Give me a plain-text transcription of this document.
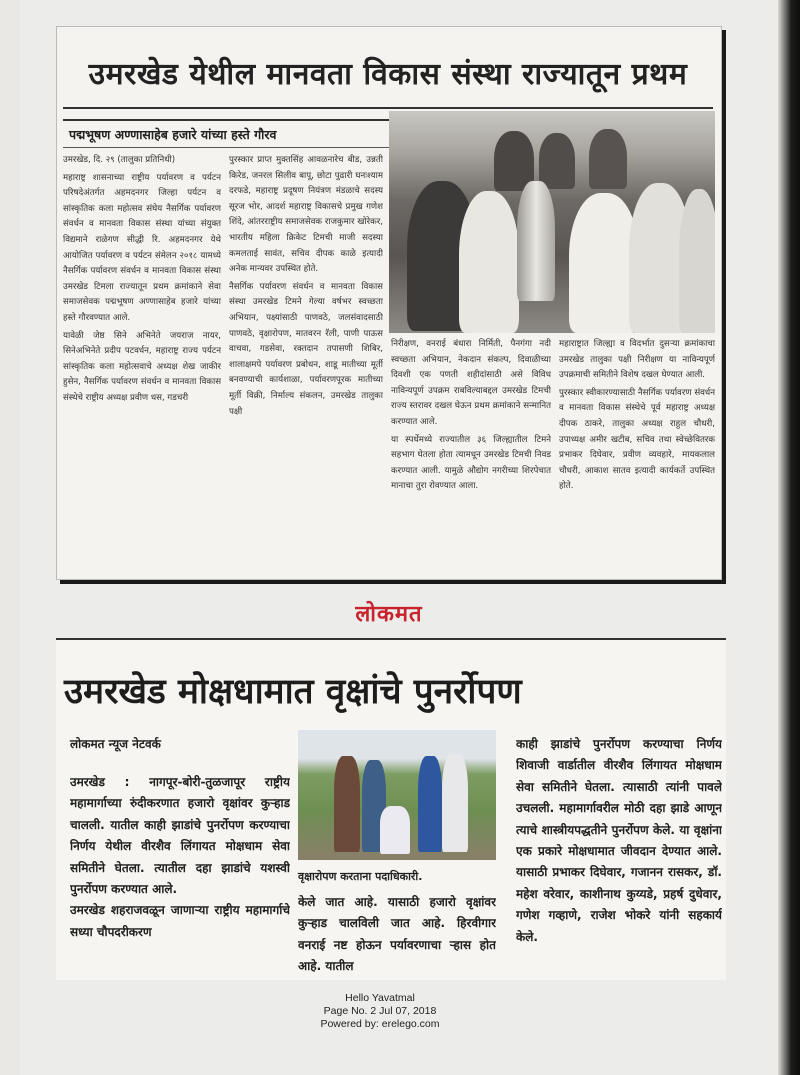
उमरखेड येथील मानवता विकास संस्था राज्यातून प्रथम
पद्मभूषण अण्णासाहेब हजारे यांच्या हस्ते गौरव

उमरखेड, दि. २९ (तालुका प्रतिनिधी)

महाराष्ट्र शासनाच्या राष्ट्रीय पर्यावरण व पर्यटन परिषदेअंतर्गत अहमदनगर जिल्हा पर्यटन व सांस्कृतिक कला महोत्सव संघेय नैसर्गिक पर्यावरण संवर्धन व मानवता विकास संस्था यांच्या संयुक्त विद्यमाने राळेगण सीद्धी रि. अहमदनगर येथे आयोजित पर्यावरण व पर्यटन संमेलन २०१८ यामध्ये नैसर्गिक पर्यावरण संवर्धन व मानवता विकास संस्था उमरखेड टिमला राज्यातून प्रथम क्रमांकाने सेवा समाजसेवक पद्मभूषण अण्णासाहेब हजारे यांच्या हस्ते गौरवण्यात आले.

यावेळी जेष्ठ सिने अभिनेते जयराज नायर, सिनेअभिनेते प्रदीप पटवर्धन, महाराष्ट्र राज्य पर्यटन सांस्कृतिक कला महोत्सवाचे अध्यक्ष शेख जाकीर हुसेन, नैसर्गिक पर्यावरण संवर्धन व मानवता विकास संस्थेचे राष्ट्रीय अध्यक्ष प्रवीण धस, गडचरी

पुरस्कार प्राप्त मुक्तसिंह आवळनारेच बीड, उन्नती किरेड, जनरल सिलीव बापू, छोटा पुढारी घनःश्याम दरफडे, महाराष्ट्र प्रदूषण नियंत्रण मंडळाचे सदस्य सूरज भोर, आदर्श महाराष्ट्र विकासचे प्रमुख गणेश शिंदे, आंतरराष्ट्रीय समाजसेवक राजकुमार खोरेकर, भारतीय महिला क्रिकेट टिमची माजी सदस्या कमलताई सावंत, सचिव दीपक काळे इत्यादी अनेक मान्यवर उपस्थित होते.

नैसर्गिक पर्यावरण संवर्धन व मानवता विकास संस्था उमरखेड टिमने गेल्या वर्षभर स्वच्छता अभियान, पक्ष्यांसाठी पाणवठे, जलसंवादसाठी पाणवठे, वृक्षारोपण, मातवरन रॅली, पाणी पाऊस वाचवा, गडसेवा, रक्तदान तपासणी शिबिर, शालाक्षमपे पर्यावरण प्रबोधन, शाडू मातीच्या मूर्ती बनवण्याची कार्यशाळा, पर्यावरणपूरक मातीच्या मूर्ती विक्री, निर्माल्य संकलन, उमरखेड तालुका पक्षी

निरीक्षण, वनराई बंधारा निर्मिती, पैनगंगा नदी स्वच्छता अभियान, नेकदान संकल्प, दिवाळीच्या दिवशी एक पणती शहीदांसाठी असे विविध नाविन्यपूर्ण उपक्रम राबविल्याबद्दल उमरखेड टिमची राज्य स्तरावर दखल घेऊन प्रथम क्रमांकाने सन्मानित करण्यात आले.

या स्पर्धेमध्ये राज्यातील ३६ जिल्ह्यातील टिमने सहभाग घेतला होता त्यामधून उमरखेड टिमची निवड करण्यात आली. यामुळे औद्योग नगरीच्या शिरपेचात मानाचा तुरा रोवण्यात आला.

महाराष्ट्रात जिल्ह्या व विदर्भात दुसऱ्या क्रमांकाचा उमरखेड तालुका पक्षी निरीक्षण या नाविन्यपूर्ण उपक्रमाची समितीने विशेष दखल घेण्यात आली.

पुरस्कार स्वीकारण्यासाठी नैसर्गिक पर्यावरण संवर्धन व मानवता विकास संस्थेचे पूर्व महाराष्ट्र अध्यक्ष दीपक ठाकरे, तालुका अध्यक्ष राहुल चौधरी, उपाध्यक्ष अमीर खटीब, सचिव तथा स्वेच्छेवितरक प्रभाकर दिघेवार, प्रवीण व्यवहारे, मायकलाल चौधरी, आकाश सातव इत्यादी कार्यकर्ते उपस्थित होते.

लोकमत
उमरखेड मोक्षधामात वृक्षांचे पुनर्रोपण
लोकमत न्यूज नेटवर्क

उमरखेड : नागपूर-बोरी-तुळजापूर राष्ट्रीय महामार्गाच्या रुंदीकरणात हजारो वृक्षांवर कुऱ्हाड चालली. यातील काही झाडांचे पुनर्रोपण करण्याचा निर्णय येथील वीरशैव लिंगायत मोक्षधाम सेवा समितीने घेतला. त्यातील दहा झाडांचे यशस्वी पुनर्रोपण करण्यात आले.

उमरखेड शहराजवळून जाणाऱ्या राष्ट्रीय महामार्गाचे सध्या चौपदरीकरण

वृक्षारोपण करताना पदाधिकारी.

केले जात आहे. यासाठी हजारो वृक्षांवर कुऱ्हाड चालविली जात आहे. हिरवीगार वनराई नष्ट होऊन पर्यावरणाचा ऱ्हास होत आहे. यातील

काही झाडांचे पुनर्रोपण करण्याचा निर्णय शिवाजी वार्डातील वीरशैव लिंगायत मोक्षधाम सेवा समितीने घेतला. त्यासाठी त्यांनी पावले उचलली. महामार्गावरील मोठी दहा झाडे आणून त्याचे शास्त्रीयपद्धतीने पुनर्रोपण केले. या वृक्षांना एक प्रकारे मोक्षधामात जीवदान देण्यात आले. यासाठी प्रभाकर दिघेवार, गजानन रासकर, डॉ. महेश वरेवार, काशीनाथ कुय्यडे, प्रहर्ष दुधेवार, गणेश गव्हाणे, राजेश भोकरे यांनी सहकार्य केले.

Hello Yavatmal
Page No. 2 Jul 07, 2018
Powered by: erelego.com
